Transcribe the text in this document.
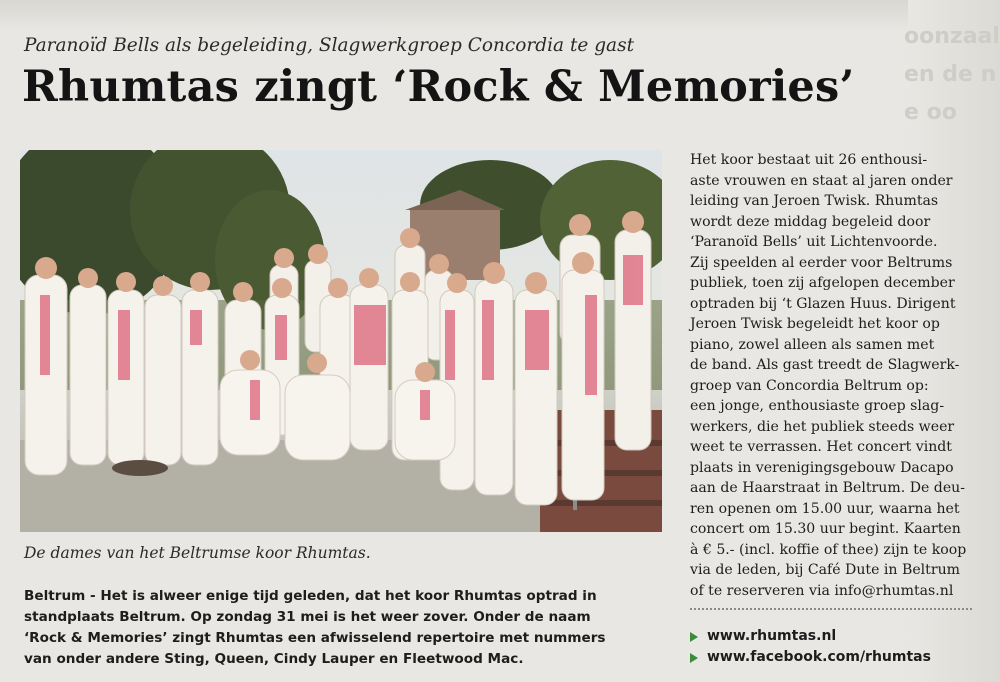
oonzaal
en de n
e oo
Paranoïd Bells als begeleiding, Slagwerkgroep Concordia te gast
Rhumtas zingt ‘Rock & Memories’
De dames van het Beltrumse koor Rhumtas.
Beltrum - Het is alweer enige tijd geleden, dat het koor Rhumtas optrad in
standplaats Beltrum. Op zondag 31 mei is het weer zover. Onder de naam
‘Rock & Memories’ zingt Rhumtas een afwisselend repertoire met nummers
van onder andere Sting, Queen, Cindy Lauper en Fleetwood Mac.
Het koor bestaat uit 26 enthousi-
aste vrouwen en staat al jaren onder
leiding van Jeroen Twisk. Rhumtas
wordt deze middag begeleid door
‘Paranoïd Bells’ uit Lichtenvoorde.
Zij speelden al eerder voor Beltrums
publiek, toen zij afgelopen december
optraden bij ‘t Glazen Huus. Dirigent
Jeroen Twisk begeleidt het koor op
piano, zowel alleen als samen met
de band. Als gast treedt de Slagwerk-
groep van Concordia Beltrum op:
een jonge, enthousiaste groep slag-
werkers, die het publiek steeds weer
weet te verrassen. Het concert vindt
plaats in verenigingsgebouw Dacapo
aan de Haarstraat in Beltrum. De deu-
ren openen om 15.00 uur, waarna het
concert om 15.30 uur begint. Kaarten
à € 5.- (incl. koffie of thee) zijn te koop
via de leden, bij Café Dute in Beltrum
of te reserveren via info@rhumtas.nl
www.rhumtas.nl
www.facebook.com/rhumtas
